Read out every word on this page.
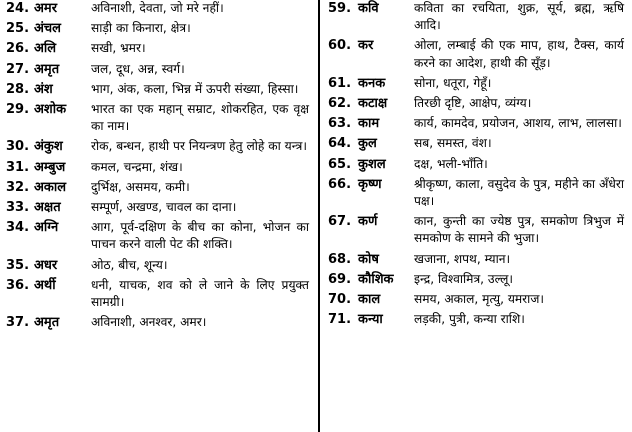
24. अमर	अविनाशी, देवता, जो मरे नहीं।
25. अंचल	साड़ी का किनारा, क्षेत्र।
26. अलि	सखी, भ्रमर।
27. अमृत	जल, दूध, अन्न, स्वर्ग।
28. अंश	भाग, अंक, कला, भिन्न में ऊपरी संख्या, हिस्सा।
29. अशोक	भारत का एक महान् सम्राट, शोकरहित, एक वृक्ष का नाम।
30. अंकुश	रोक, बन्धन, हाथी पर नियन्त्रण हेतु लोहे का यन्त्र।
31. अम्बुज	कमल, चन्द्रमा, शंख।
32. अकाल	दुर्भिक्ष, असमय, कमी।
33. अक्षत	सम्पूर्ण, अखण्ड, चावल का दाना।
34. अग्नि	आग, पूर्व-दक्षिण के बीच का कोना, भोजन का पाचन करने वाली पेट की शक्ति।
35. अधर	ओठ, बीच, शून्य।
36. अर्थी	धनी, याचक, शव को ले जाने के लिए प्रयुक्त सामग्री।
37. अमृत	अविनाशी, अनश्वर, अमर।
59. कवि	कविता का रचयिता, शुक्र, सूर्य, ब्रह्म, ऋषि आदि।
60. कर	ओला, लम्बाई की एक माप, हाथ, टैक्स, कार्य करने का आदेश, हाथी की सूँड़।
61. कनक	सोना, धतूरा, गेहूँ।
62. कटाक्ष	तिरछी दृष्टि, आक्षेप, व्यंग्य।
63. काम	कार्य, कामदेव, प्रयोजन, आशय, लाभ, लालसा।
64. कुल	सब, समस्त, वंश।
65. कुशल	दक्ष, भली-भाँति।
66. कृष्ण	श्रीकृष्ण, काला, वसुदेव के पुत्र, महीने का अँधेरा पक्ष।
67. कर्ण	कान, कुन्ती का ज्येष्ठ पुत्र, समकोण त्रिभुज में समकोण के सामने की भुजा।
68. कोष	खजाना, शपथ, म्यान।
69. कौशिक	इन्द्र, विश्वामित्र, उल्लू।
70. काल	समय, अकाल, मृत्यु, यमराज।
71. कन्या	लड़की, पुत्री, कन्या राशि।
